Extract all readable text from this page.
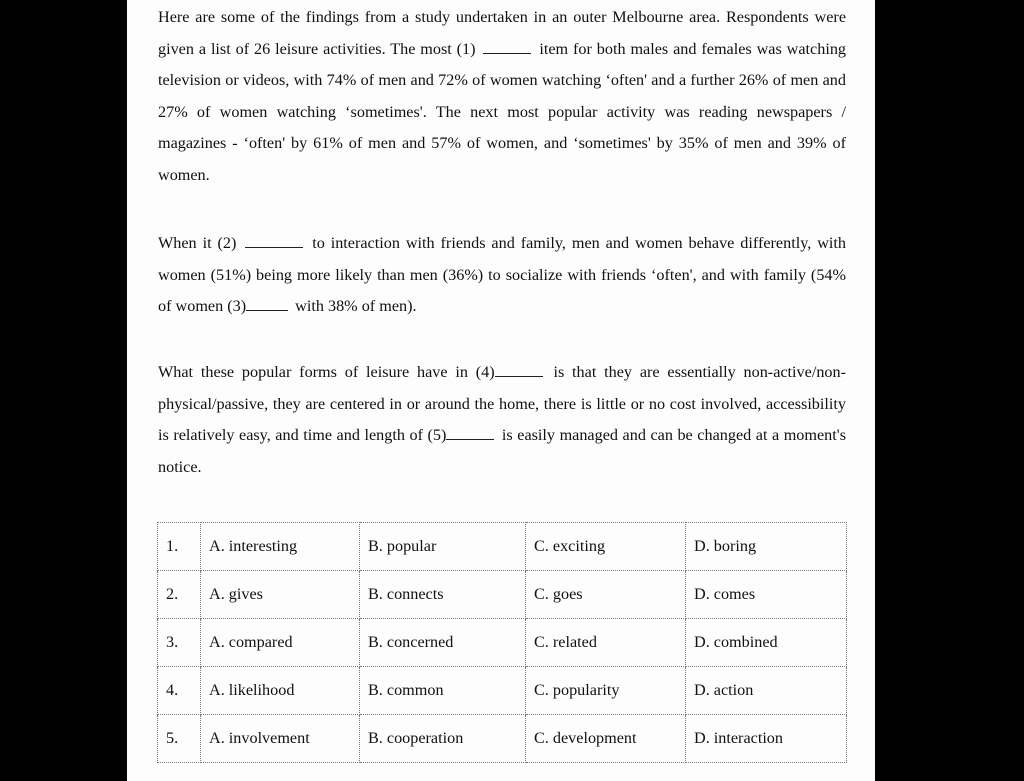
Here are some of the findings from a study undertaken in an outer Melbourne area. Respondents were given a list of 26 leisure activities. The most (1)	item for both males and females was watching television or videos, with 74% of men and 72% of women watching ‘often' and a further 26% of men and 27% of women watching ‘sometimes'. The next most popular activity was reading newspapers / magazines - ‘often' by 61% of men and 57% of women, and ‘sometimes' by 35% of men and 39% of women.

When it (2)	to interaction with friends and family, men and women behave differently, with women (51%) being more likely than men (36%) to socialize with friends ‘often', and with family (54% of women (3)	with 38% of men).

What these popular forms of leisure have in (4)	is that they are essentially non-active/non-physical/passive, they are centered in or around the home, there is little or no cost involved, accessibility is relatively easy, and time and length of (5)	is easily managed and can be changed at a moment's notice.

1.	A. interesting	B. popular	C. exciting	D. boring
2.	A. gives	B. connects	C. goes	D. comes
3.	A. compared	B. concerned	C. related	D. combined
4.	A. likelihood	B. common	C. popularity	D. action
5.	A. involvement	B. cooperation	C. development	D. interaction
